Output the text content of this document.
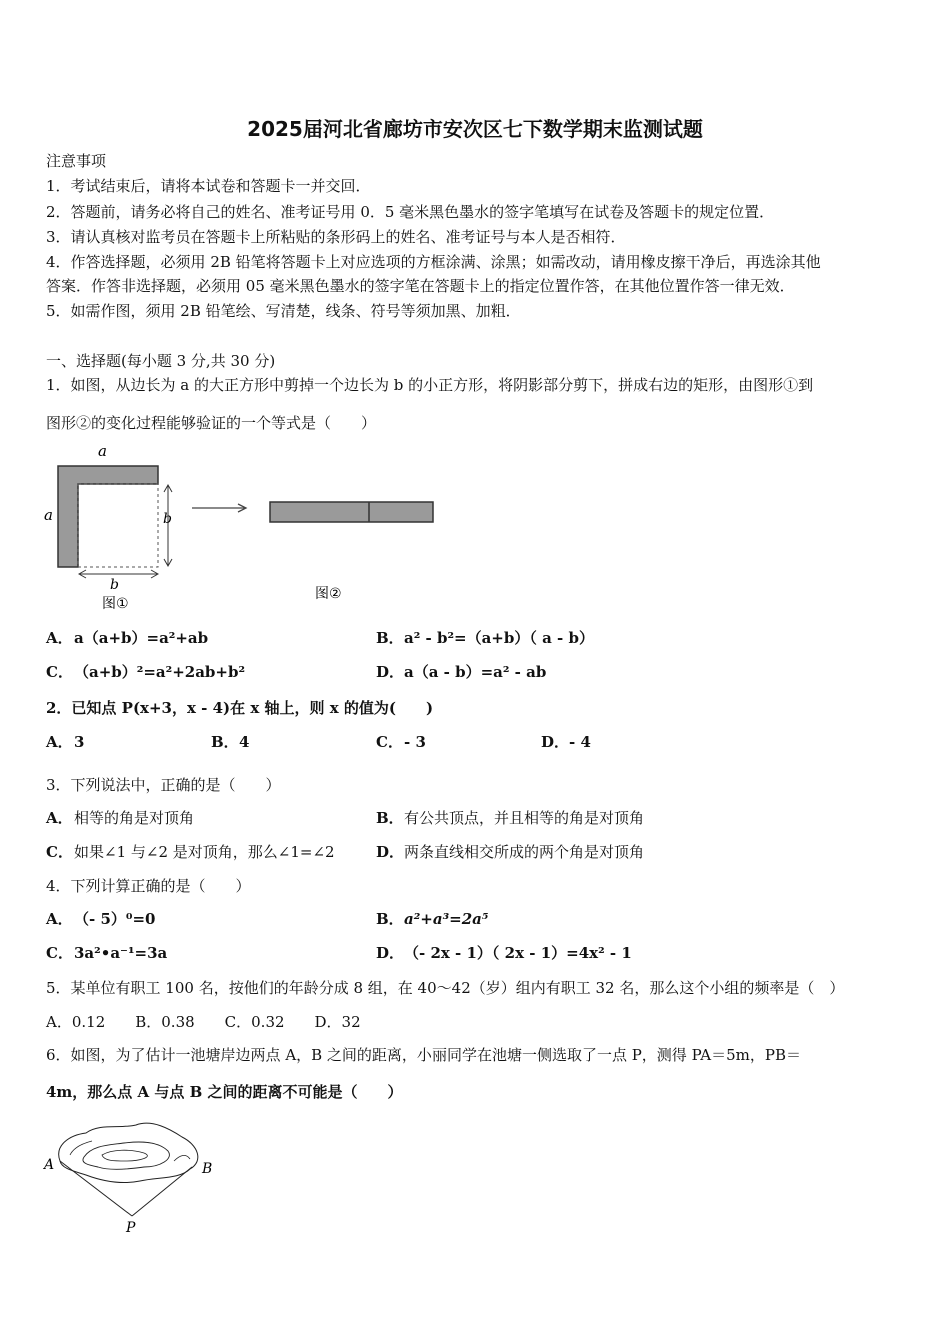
2025届河北省廊坊市安次区七下数学期末监测试题
注意事项
1．考试结束后，请将本试卷和答题卡一并交回．
2．答题前，请务必将自己的姓名、准考证号用 0．5 毫米黑色墨水的签字笔填写在试卷及答题卡的规定位置．
3．请认真核对监考员在答题卡上所粘贴的条形码上的姓名、准考证号与本人是否相符．
4．作答选择题，必须用 2B 铅笔将答题卡上对应选项的方框涂满、涂黑；如需改动，请用橡皮擦干净后，再选涂其他
答案．作答非选择题，必须用 05 毫米黑色墨水的签字笔在答题卡上的指定位置作答，在其他位置作答一律无效．
5．如需作图，须用 2B 铅笔绘、写清楚，线条、符号等须加黑、加粗．
一、选择题(每小题 3 分,共 30 分)
1．如图，从边长为 a 的大正方形中剪掉一个边长为 b 的小正方形，将阴影部分剪下，拼成右边的矩形，由图形①到
图形②的变化过程能够验证的一个等式是（　　）
a
a	b
b
图①
图②
A． a（a+b）=a²+ab	B． a² - b²=（a+b）（ a - b）
C． （a+b）²=a²+2ab+b²	D． a（a - b）=a² - ab
2．已知点 P(x+3，x - 4)在 x 轴上，则 x 的值为(　　)
A． 3	B． 4	C． - 3	D． - 4
3．下列说法中，正确的是（　　）
A． 相等的角是对顶角	B． 有公共顶点，并且相等的角是对顶角
C． 如果∠1 与∠2 是对顶角，那么∠1=∠2	D． 两条直线相交所成的两个角是对顶角
4．下列计算正确的是（　　）
A． （- 5）⁰=0	B． a²+a³=2a⁵
C． 3a²•a⁻¹=3a	D． （- 2x - 1）（ 2x - 1）=4x² - 1
5．某单位有职工 100 名，按他们的年龄分成 8 组，在 40～42（岁）组内有职工 32 名，那么这个小组的频率是（　）
A．0.12　　B．0.38　　C．0.32　　D．32
6．如图，为了估计一池塘岸边两点 A，B 之间的距离，小丽同学在池塘一侧选取了一点 P，测得 PA＝5m，PB＝
4m，那么点 A 与点 B 之间的距离不可能是（　　）
A	B
P
